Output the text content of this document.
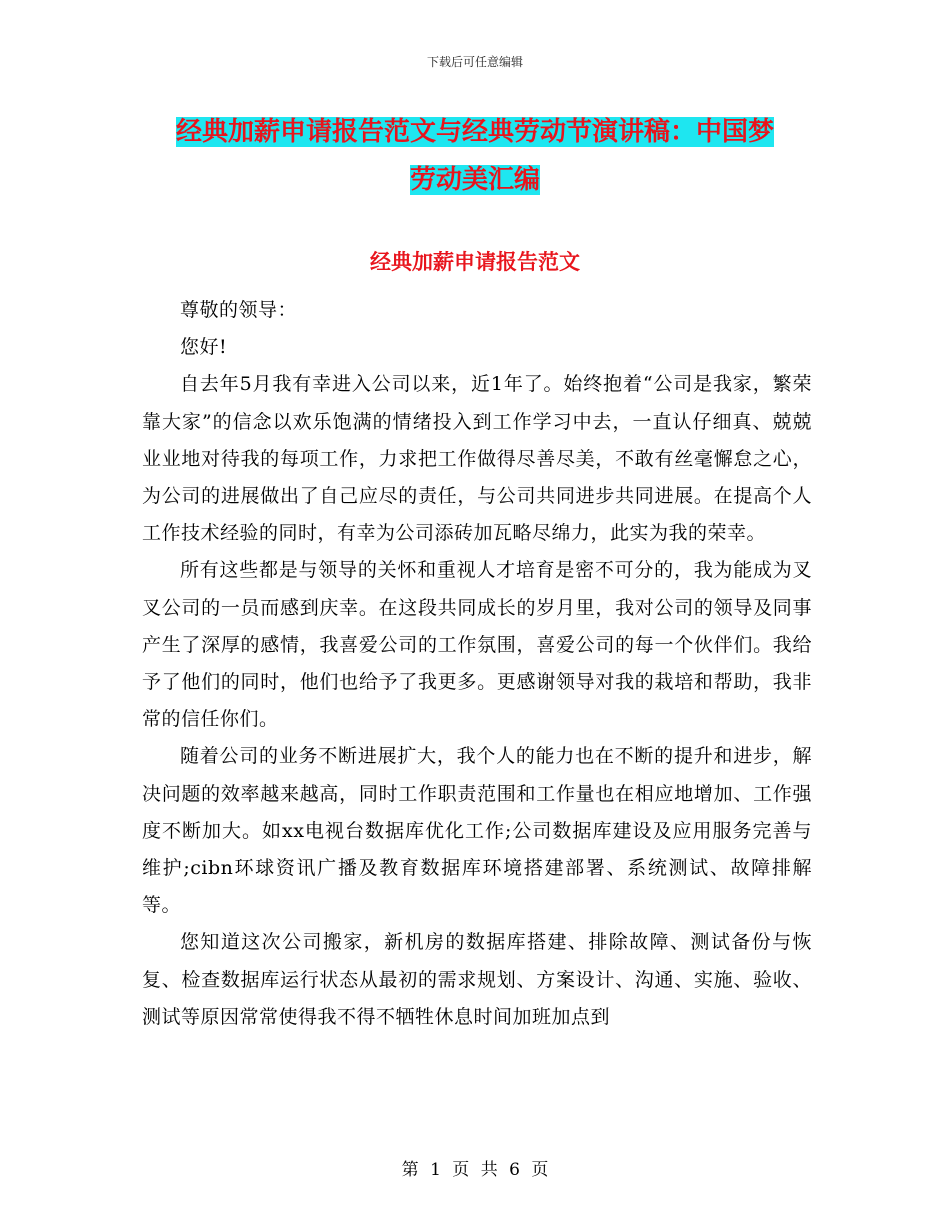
下载后可任意编辑
经典加薪申请报告范文与经典劳动节演讲稿：中国梦
劳动美汇编
经典加薪申请报告范文

尊敬的领导：

您好!

自去年5月我有幸进入公司以来，近1年了。始终抱着“公司是我家，繁荣靠大家”的信念以欢乐饱满的情绪投入到工作学习中去，一直认仔细真、兢兢业业地对待我的每项工作，力求把工作做得尽善尽美，不敢有丝毫懈怠之心，为公司的进展做出了自己应尽的责任，与公司共同进步共同进展。在提高个人工作技术经验的同时，有幸为公司添砖加瓦略尽绵力，此实为我的荣幸。

所有这些都是与领导的关怀和重视人才培育是密不可分的，我为能成为叉叉公司的一员而感到庆幸。在这段共同成长的岁月里，我对公司的领导及同事产生了深厚的感情，我喜爱公司的工作氛围，喜爱公司的每一个伙伴们。我给予了他们的同时，他们也给予了我更多。更感谢领导对我的栽培和帮助，我非常的信任你们。

随着公司的业务不断进展扩大，我个人的能力也在不断的提升和进步，解决问题的效率越来越高，同时工作职责范围和工作量也在相应地增加、工作强度不断加大。如xx电视台数据库优化工作;公司数据库建设及应用服务完善与维护;cibn环球资讯广播及教育数据库环境搭建部署、系统测试、故障排解等。

您知道这次公司搬家，新机房的数据库搭建、排除故障、测试备份与恢复、检查数据库运行状态从最初的需求规划、方案设计、沟通、实施、验收、测试等原因常常使得我不得不牺牲休息时间加班加点到

第 1 页 共 6 页
